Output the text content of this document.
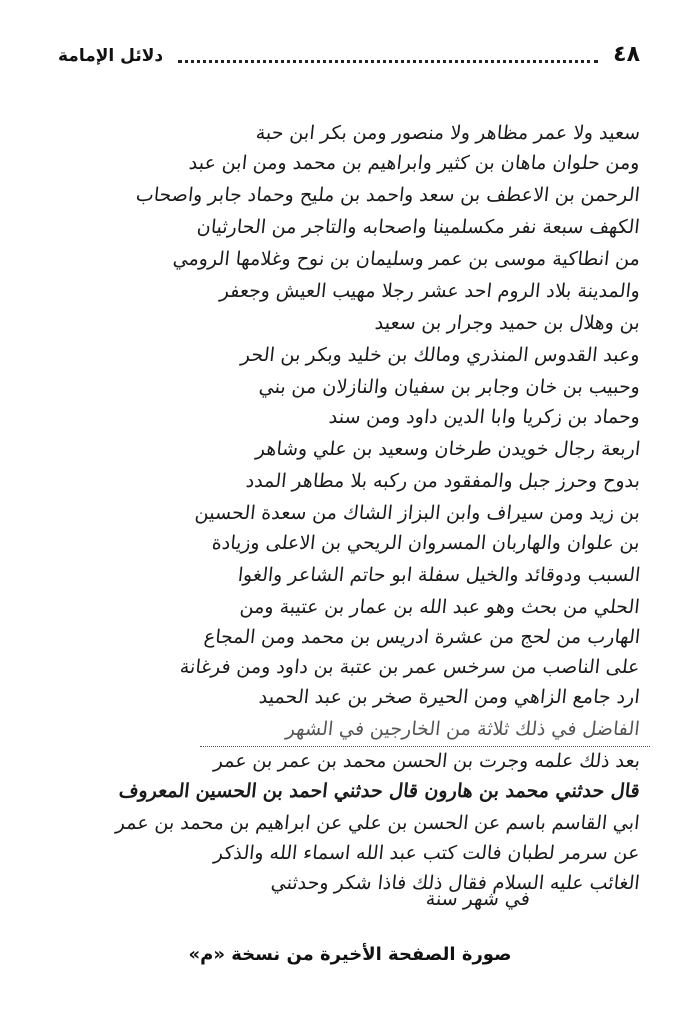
٤٨
دلائل الإمامة
سعيد ولا عمر مظاهر ولا منصور ومن بكر ابن حبة
ومن حلوان ماهان بن كثير وابراهيم بن محمد ومن ابن عبد
الرحمن بن الاعطف بن سعد واحمد بن مليح وحماد جابر واصحاب
الكهف سبعة نفر مكسلمينا واصحابه والتاجر من الحارثيان
من انطاكية موسى بن عمر وسليمان بن نوح وغلامها الرومي
والمدينة بلاد الروم احد عشر رجلا مهيب العيش وجعفر
بن وهلال بن حميد وجرار بن سعيد
وعبد القدوس المنذري ومالك بن خليد وبكر بن الحر
وحبيب بن خان وجابر بن سفيان والنازلان من بني
وحماد بن زكريا وابا الدين داود ومن سند
اربعة رجال خويدن طرخان وسعيد بن علي وشاهر
بدوح وحرز جبل والمفقود من ركبه بلا مطاهر المدد
بن زيد ومن سيراف وابن البزاز الشاك من سعدة الحسين
بن علوان والهاربان المسروان الريحي بن الاعلى وزيادة
السبب ودوقائد والخيل سفلة ابو حاتم الشاعر والغوا
الحلي من بحث وهو عبد الله بن عمار بن عتيبة ومن
الهارب من لحج من عشرة ادريس بن محمد ومن المجاع
على الناصب من سرخس عمر بن عتبة بن داود ومن فرغانة
ارد جامع الزاهي ومن الحيرة صخر بن عبد الحميد
الفاضل في ذلك ثلاثة من الخارجين في الشهر
بعد ذلك علمه وجرت بن الحسن محمد بن عمر بن عمر
قال حدثني محمد بن هارون قال حدثني احمد بن الحسين المعروف
ابي القاسم باسم عن الحسن بن علي عن ابراهيم بن محمد بن عمر
عن سرمر لطبان فالت كتب عبد الله اسماء الله والذكر
الغائب عليه السلام فقال ذلك فاذا شكر وحدثني
في شهر سنة
صورة الصفحة الأخيرة من نسخة «م»
